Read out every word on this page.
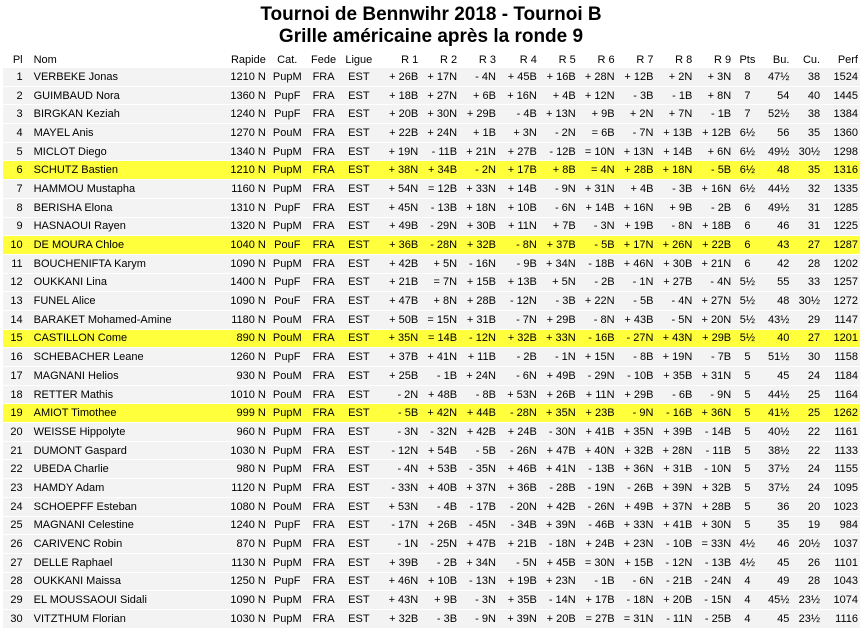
Tournoi de Bennwihr 2018 - Tournoi B
Grille américaine après la ronde 9
Pl	Nom	Rapide	Cat.	Fede	Ligue	R 1	R 2	R 3	R 4	R 5	R 6	R 7	R 8	R 9	Pts	Bu.	Cu.	Perf
1	VERBEKE Jonas	1210 N	PupM	FRA	EST	+ 26B	+ 17N	- 4N	+ 45B	+ 16B	+ 28N	+ 12B	+ 2N	+ 3N	8	47½	38	1524
2	GUIMBAUD Nora	1360 N	PupF	FRA	EST	+ 18B	+ 27N	+ 6B	+ 16N	+ 4B	+ 12N	- 3B	- 1B	+ 8N	7	54	40	1445
3	BIRGKAN Keziah	1240 N	PupF	FRA	EST	+ 20B	+ 30N	+ 29B	- 4B	+ 13N	+ 9B	+ 2N	+ 7N	- 1B	7	52½	38	1384
4	MAYEL Anis	1270 N	PouM	FRA	EST	+ 22B	+ 24N	+ 1B	+ 3N	- 2N	= 6B	- 7N	+ 13B	+ 12B	6½	56	35	1360
5	MICLOT Diego	1340 N	PupM	FRA	EST	+ 19N	- 11B	+ 21N	+ 27B	- 12B	= 10N	+ 13N	+ 14B	+ 6N	6½	49½	30½	1298
6	SCHUTZ Bastien	1210 N	PupM	FRA	EST	+ 38N	+ 34B	- 2N	+ 17B	+ 8B	= 4N	+ 28B	+ 18N	- 5B	6½	48	35	1316
7	HAMMOU Mustapha	1160 N	PupM	FRA	EST	+ 54N	= 12B	+ 33N	+ 14B	- 9N	+ 31N	+ 4B	- 3B	+ 16N	6½	44½	32	1335
8	BERISHA Elona	1310 N	PupF	FRA	EST	+ 45N	- 13B	+ 18N	+ 10B	- 6N	+ 14B	+ 16N	+ 9B	- 2B	6	49½	31	1285
9	HASNAOUI Rayen	1320 N	PupM	FRA	EST	+ 49B	- 29N	+ 30B	+ 11N	+ 7B	- 3N	+ 19B	- 8N	+ 18B	6	46	31	1225
10	DE MOURA Chloe	1040 N	PouF	FRA	EST	+ 36B	- 28N	+ 32B	- 8N	+ 37B	- 5B	+ 17N	+ 26N	+ 22B	6	43	27	1287
11	BOUCHENIFTA Karym	1090 N	PupM	FRA	EST	+ 42B	+ 5N	- 16N	- 9B	+ 34N	- 18B	+ 46N	+ 30B	+ 21N	6	42	28	1202
12	OUKKANI Lina	1400 N	PupF	FRA	EST	+ 21B	= 7N	+ 15B	+ 13B	+ 5N	- 2B	- 1N	+ 27B	- 4N	5½	55	33	1257
13	FUNEL Alice	1090 N	PouF	FRA	EST	+ 47B	+ 8N	+ 28B	- 12N	- 3B	+ 22N	- 5B	- 4N	+ 27N	5½	48	30½	1272
14	BARAKET Mohamed-Amine	1180 N	PouM	FRA	EST	+ 50B	= 15N	+ 31B	- 7N	+ 29B	- 8N	+ 43B	- 5N	+ 20N	5½	43½	29	1147
15	CASTILLON Come	890 N	PouM	FRA	EST	+ 35N	= 14B	- 12N	+ 32B	+ 33N	- 16B	- 27N	+ 43N	+ 29B	5½	40	27	1201
16	SCHEBACHER Leane	1260 N	PupF	FRA	EST	+ 37B	+ 41N	+ 11B	- 2B	- 1N	+ 15N	- 8B	+ 19N	- 7B	5	51½	30	1158
17	MAGNANI Helios	930 N	PouM	FRA	EST	+ 25B	- 1B	+ 24N	- 6N	+ 49B	- 29N	- 10B	+ 35B	+ 31N	5	45	24	1184
18	RETTER Mathis	1010 N	PouM	FRA	EST	- 2N	+ 48B	- 8B	+ 53N	+ 26B	+ 11N	+ 29B	- 6B	- 9N	5	44½	25	1164
19	AMIOT Timothee	999 N	PupM	FRA	EST	- 5B	+ 42N	+ 44B	- 28N	+ 35N	+ 23B	- 9N	- 16B	+ 36N	5	41½	25	1262
20	WEISSE Hippolyte	960 N	PupM	FRA	EST	- 3N	- 32N	+ 42B	+ 24B	- 30N	+ 41B	+ 35N	+ 39B	- 14B	5	40½	22	1161
21	DUMONT Gaspard	1030 N	PupM	FRA	EST	- 12N	+ 54B	- 5B	- 26N	+ 47B	+ 40N	+ 32B	+ 28N	- 11B	5	38½	22	1133
22	UBEDA Charlie	980 N	PupM	FRA	EST	- 4N	+ 53B	- 35N	+ 46B	+ 41N	- 13B	+ 36N	+ 31B	- 10N	5	37½	24	1155
23	HAMDY Adam	1120 N	PupM	FRA	EST	- 33N	+ 40B	+ 37N	+ 36B	- 28B	- 19N	- 26B	+ 39N	+ 32B	5	37½	24	1095
24	SCHOEPFF Esteban	1080 N	PouM	FRA	EST	+ 53N	- 4B	- 17B	- 20N	+ 42B	- 26N	+ 49B	+ 37N	+ 28B	5	36	20	1023
25	MAGNANI Celestine	1240 N	PupF	FRA	EST	- 17N	+ 26B	- 45N	- 34B	+ 39N	- 46B	+ 33N	+ 41B	+ 30N	5	35	19	984
26	CARIVENC Robin	870 N	PupM	FRA	EST	- 1N	- 25N	+ 47B	+ 21B	- 18N	+ 24B	+ 23N	- 10B	= 33N	4½	46	20½	1037
27	DELLE Raphael	1130 N	PupM	FRA	EST	+ 39B	- 2B	+ 34N	- 5N	+ 45B	= 30N	+ 15B	- 12N	- 13B	4½	45	26	1101
28	OUKKANI Maissa	1250 N	PupF	FRA	EST	+ 46N	+ 10B	- 13N	+ 19B	+ 23N	- 1B	- 6N	- 21B	- 24N	4	49	28	1043
29	EL MOUSSAOUI Sidali	1090 N	PupM	FRA	EST	+ 43N	+ 9B	- 3N	+ 35B	- 14N	+ 17B	- 18N	+ 20B	- 15N	4	45½	23½	1074
30	VITZTHUM Florian	1030 N	PupM	FRA	EST	+ 32B	- 3B	- 9N	+ 39N	+ 20B	= 27B	= 31N	- 11N	- 25B	4	45	23½	1116
